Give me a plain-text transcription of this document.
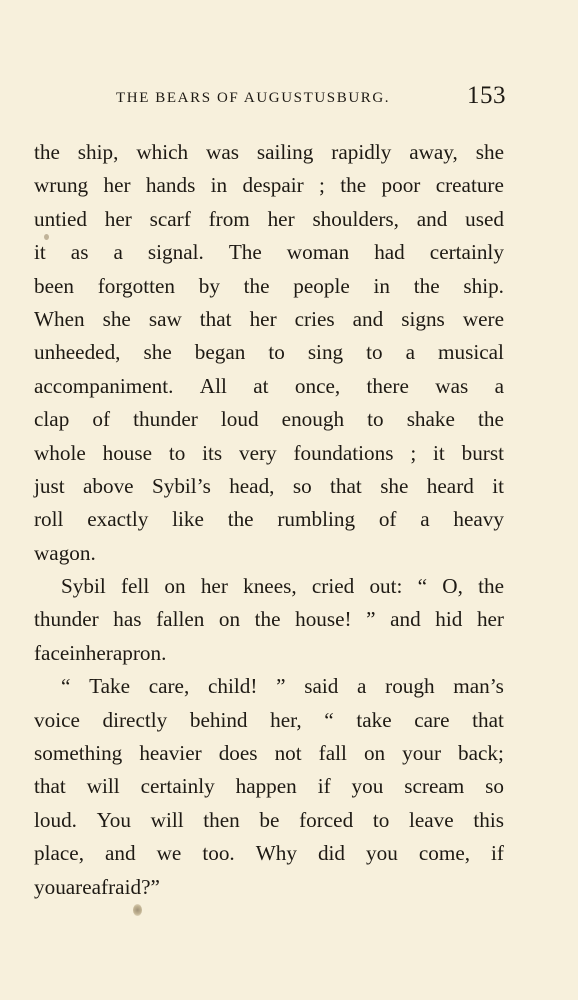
THE BEARS OF AUGUSTUSBURG.	153
the ship, which was sailing rapidly away, she
wrung her hands in despair ; the poor creature
untied her scarf from her shoulders, and used
it as a signal. The woman had certainly
been forgotten by the people in the ship.
When she saw that her cries and signs were
unheeded, she began to sing to a musical
accompaniment. All at once, there was a
clap of thunder loud enough to shake the
whole house to its very foundations ; it burst
just above Sybil’s head, so that she heard it
roll exactly like the rumbling of a heavy
wagon.
Sybil fell on her knees, cried out: “ O, the
thunder has fallen on the house! ” and hid her
face in her apron.
“ Take care, child! ” said a rough man’s
voice directly behind her, “ take care that
something heavier does not fall on your back;
that will certainly happen if you scream so
loud. You will then be forced to leave this
place, and we too. Why did you come, if
you are afraid ? ”
